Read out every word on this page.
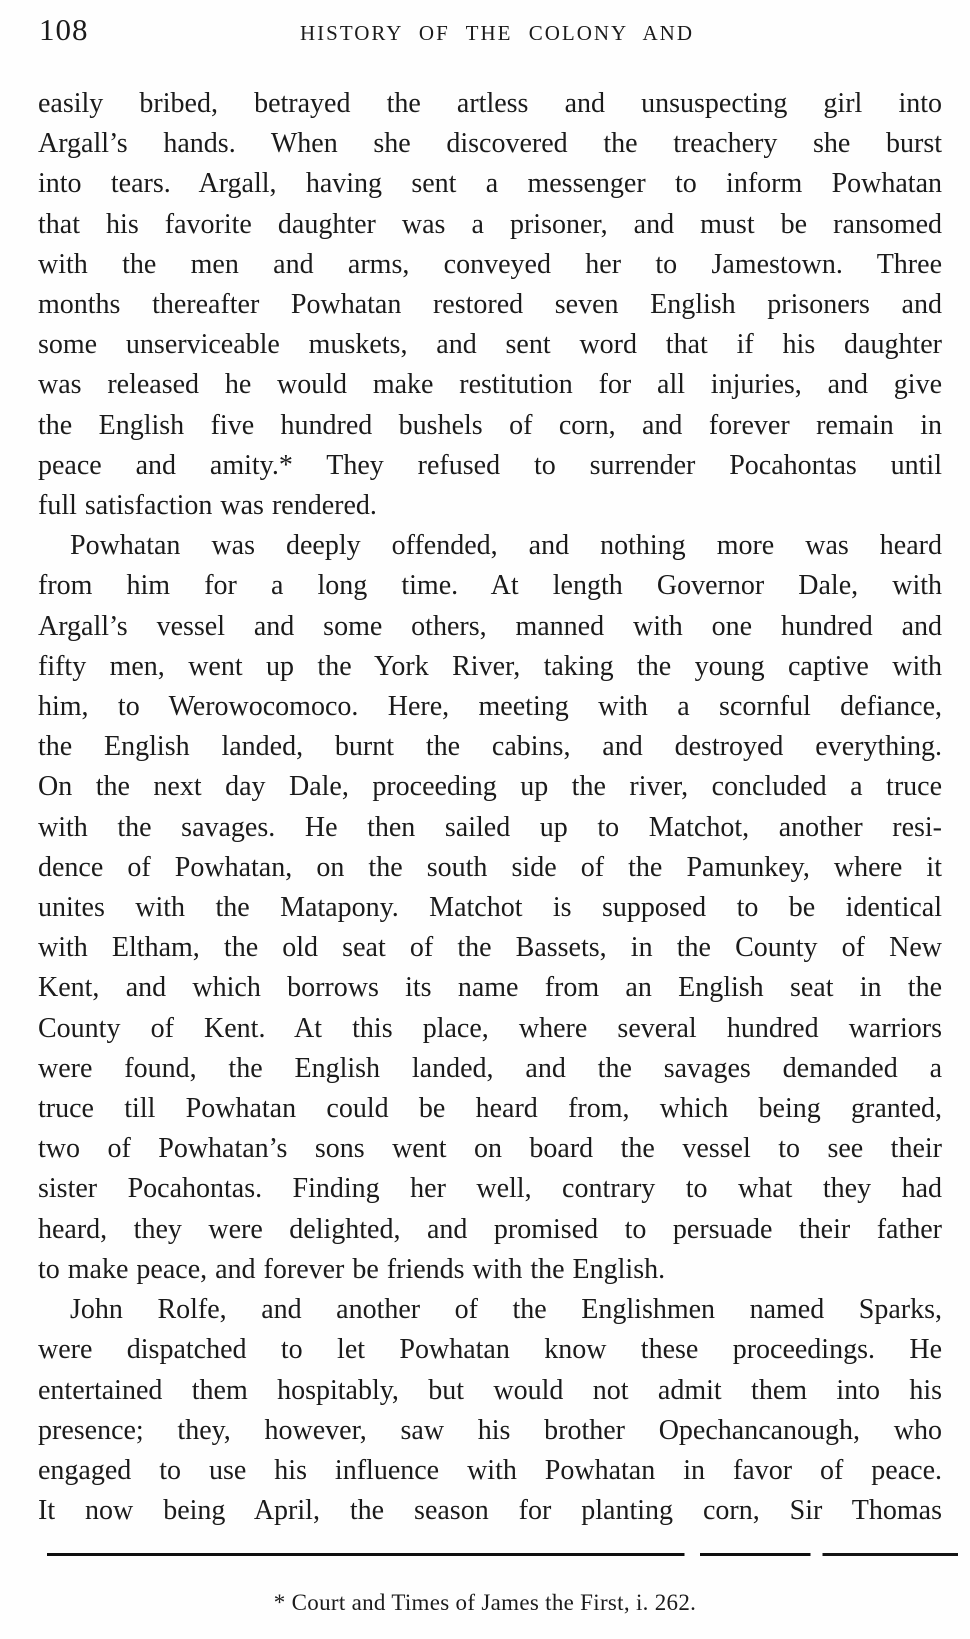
108	HISTORY OF THE COLONY AND
easily bribed, betrayed the artless and unsuspecting girl into
Argall’s hands. When she discovered the treachery she burst
into tears. Argall, having sent a messenger to inform Powhatan
that his favorite daughter was a prisoner, and must be ransomed
with the men and arms, conveyed her to Jamestown. Three
months thereafter Powhatan restored seven English prisoners and
some unserviceable muskets, and sent word that if his daughter
was released he would make restitution for all injuries, and give
the English five hundred bushels of corn, and forever remain in
peace and amity.* They refused to surrender Pocahontas until
full satisfaction was rendered.
Powhatan was deeply offended, and nothing more was heard
from him for a long time. At length Governor Dale, with
Argall’s vessel and some others, manned with one hundred and
fifty men, went up the York River, taking the young captive with
him, to Werowocomoco. Here, meeting with a scornful defiance,
the English landed, burnt the cabins, and destroyed everything.
On the next day Dale, proceeding up the river, concluded a truce
with the savages. He then sailed up to Matchot, another resi-
dence of Powhatan, on the south side of the Pamunkey, where it
unites with the Matapony. Matchot is supposed to be identical
with Eltham, the old seat of the Bassets, in the County of New
Kent, and which borrows its name from an English seat in the
County of Kent. At this place, where several hundred warriors
were found, the English landed, and the savages demanded a
truce till Powhatan could be heard from, which being granted,
two of Powhatan’s sons went on board the vessel to see their
sister Pocahontas. Finding her well, contrary to what they had
heard, they were delighted, and promised to persuade their father
to make peace, and forever be friends with the English.
John Rolfe, and another of the Englishmen named Sparks,
were dispatched to let Powhatan know these proceedings. He
entertained them hospitably, but would not admit them into his
presence; they, however, saw his brother Opechancanough, who
engaged to use his influence with Powhatan in favor of peace.
It now being April, the season for planting corn, Sir Thomas
* Court and Times of James the First, i. 262.
